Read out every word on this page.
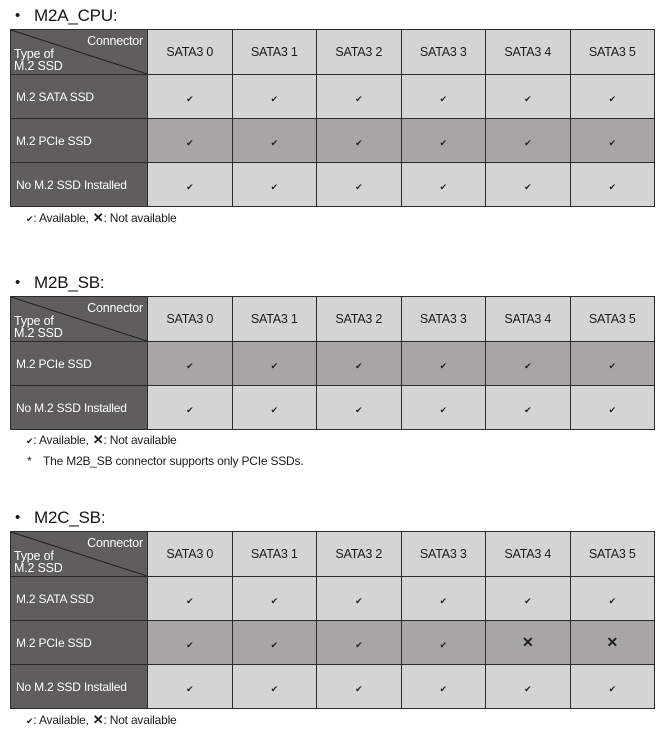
• M2A_CPU:
Connector
Type of
M.2 SSD	SATA3 0	SATA3 1	SATA3 2	SATA3 3	SATA3 4	SATA3 5
M.2 SATA SSD	✔	✔	✔	✔	✔	✔
M.2 PCIe SSD	✔	✔	✔	✔	✔	✔
No M.2 SSD Installed	✔	✔	✔	✔	✔	✔
✔: Available, ✕: Not available
• M2B_SB:
Connector
Type of
M.2 SSD	SATA3 0	SATA3 1	SATA3 2	SATA3 3	SATA3 4	SATA3 5
M.2 PCIe SSD	✔	✔	✔	✔	✔	✔
No M.2 SSD Installed	✔	✔	✔	✔	✔	✔
✔: Available, ✕: Not available
* The M2B_SB connector supports only PCIe SSDs.
• M2C_SB:
Connector
Type of
M.2 SSD	SATA3 0	SATA3 1	SATA3 2	SATA3 3	SATA3 4	SATA3 5
M.2 SATA SSD	✔	✔	✔	✔	✔	✔
M.2 PCIe SSD	✔	✔	✔	✔	✕	✕
No M.2 SSD Installed	✔	✔	✔	✔	✔	✔
✔: Available, ✕: Not available
